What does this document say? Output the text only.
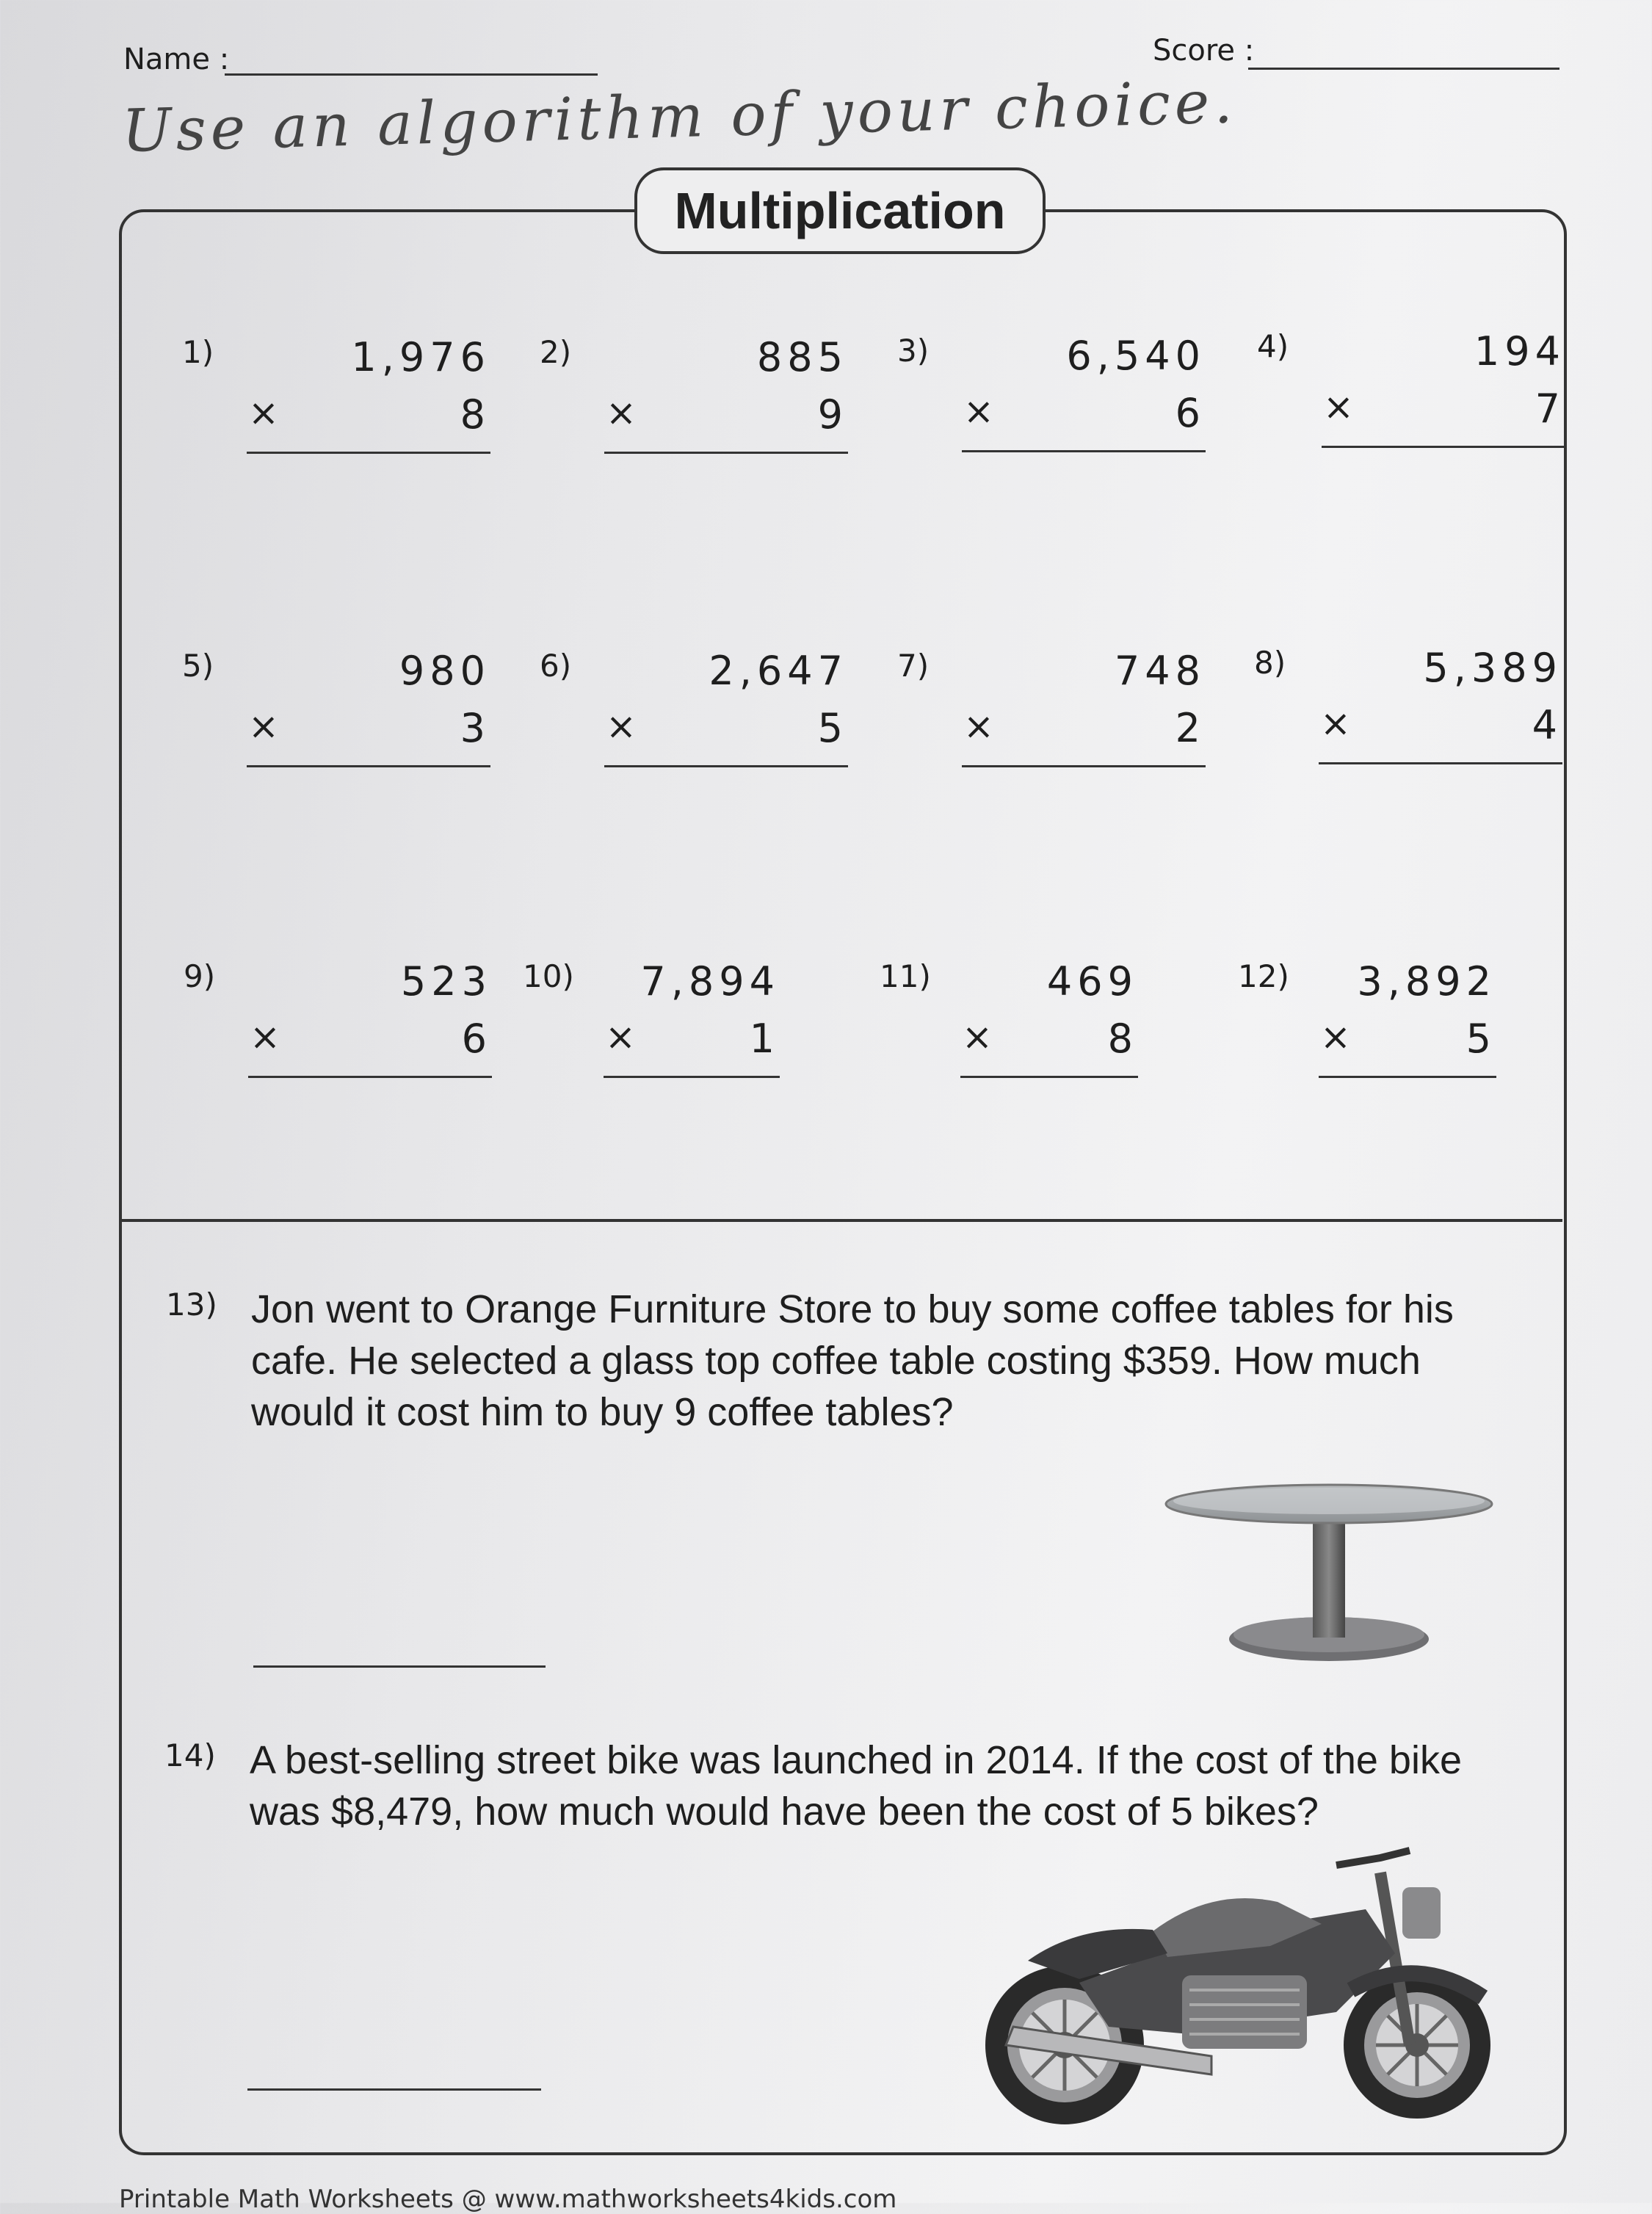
Name :	Score :
Use an algorithm of your choice.
Multiplication
1)	1,976
×	8
2)	885
×	9
3)	6,540
×	6
4)	194
×	7
5)	980
×	3
6)	2,647
×	5
7)	748
×	2
8)	5,389
×	4
9)	523
×	6
10) 7,894
×	1
11)	469
×	8
12) 3,892
×	5
13) Jon went to Orange Furniture Store to buy some coffee tables for his
cafe. He selected a glass top coffee table costing $359. How much
would it cost him to buy 9 coffee tables?
14) A best-selling street bike was launched in 2014. If the cost of the bike
was $8,479, how much would have been the cost of 5 bikes?
Printable Math Worksheets @ www.mathworksheets4kids.com
